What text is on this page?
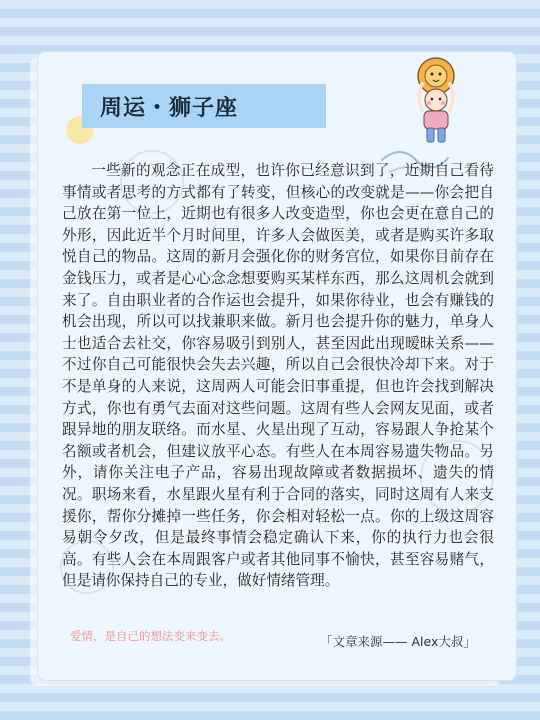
周运・狮子座

一些新的观念正在成型，也许你已经意识到了，近期自己看待事情或者思考的方式都有了转变，但核心的改变就是——你会把自己放在第一位上，近期也有很多人改变造型，你也会更在意自己的外形，因此近半个月时间里，许多人会做医美，或者是购买许多取悦自己的物品。这周的新月会强化你的财务宫位，如果你目前存在金钱压力，或者是心心念念想要购买某样东西，那么这周机会就到来了。自由职业者的合作运也会提升，如果你待业，也会有赚钱的机会出现，所以可以找兼职来做。新月也会提升你的魅力，单身人士也适合去社交，你容易吸引到别人，甚至因此出现暧昧关系——不过你自己可能很快会失去兴趣，所以自己会很快冷却下来。对于不是单身的人来说，这周两人可能会旧事重提，但也许会找到解决方式，你也有勇气去面对这些问题。这周有些人会网友见面，或者跟异地的朋友联络。而水星、火星出现了互动，容易跟人争抢某个名额或者机会，但建议放平心态。有些人在本周容易遗失物品。另外，请你关注电子产品，容易出现故障或者数据损坏、遗失的情况。职场来看，水星跟火星有利于合同的落实，同时这周有人来支援你，帮你分摊掉一些任务，你会相对轻松一点。你的上级这周容易朝令夕改，但是最终事情会稳定确认下来，你的执行力也会很高。有些人会在本周跟客户或者其他同事不愉快，甚至容易赌气，但是请你保持自己的专业，做好情绪管理。

爱情，是自己的想法变来变去。	「文章来源—— Alex大叔」
